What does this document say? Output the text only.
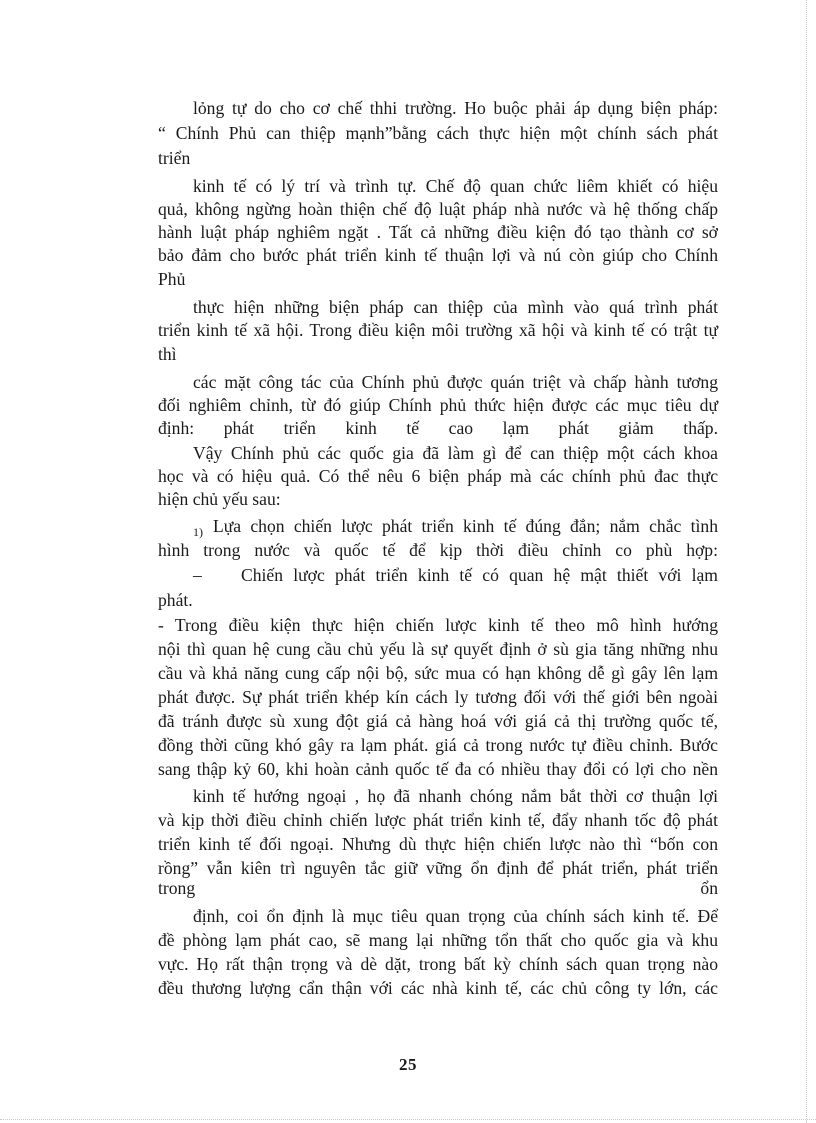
lỏng tự do cho cơ chế thhi trường. Ho buộc phải áp dụng biện pháp:
“ Chính Phủ can thiệp mạnh”bằng cách thực hiện một chính sách phát
triển
kinh tế có lý trí và trình tự. Chế độ quan chức liêm khiết có hiệu
quả, không ngừng hoàn thiện chế độ luật pháp nhà nước và hệ thống chấp
hành luật pháp nghiêm ngặt . Tất cả những điều kiện đó tạo thành cơ sở
bảo đảm cho bước phát triển kinh tế thuận lợi và nú còn giúp cho Chính
Phủ
thực hiện những biện pháp can thiệp của mình vào quá trình phát
triển kinh tế xã hội. Trong điều kiện môi trường xã hội và kinh tế có trật tự
thì
các mặt công tác của Chính phủ được quán triệt và chấp hành tương
đối nghiêm chỉnh, từ đó giúp Chính phủ thức hiện được các mục tiêu dự
định: phát triển kinh tế cao lạm phát giảm thấp.
Vậy Chính phủ các quốc gia đã làm gì để can thiệp một cách khoa
học và có hiệu quả. Có thể nêu 6 biện pháp mà các chính phủ đac thực
hiện chủ yếu sau:
1) Lựa chọn chiến lược phát triển kinh tế đúng đắn; nắm chắc tình
hình trong nước và quốc tế để kịp thời điều chỉnh co phù hợp:
–	Chiến lược phát triển kinh tế có quan hệ mật thiết với lạm
phát.
- Trong điều kiện thực hiện chiến lược kinh tế theo mô hình hướng
nội thì quan hệ cung cầu chủ yếu là sự quyết định ở sù gia tăng những nhu
cầu và khả năng cung cấp nội bộ, sức mua có hạn không dễ gì gây lên lạm
phát được. Sự phát triển khép kín cách ly tương đối với thế giới bên ngoài
đã tránh được sù xung đột giá cả hàng hoá với giá cả thị trường quốc tế,
đồng thời cũng khó gây ra lạm phát. giá cả trong nước tự điều chỉnh. Bước
sang thập kỷ 60, khi hoàn cảnh quốc tế đa có nhiều thay đổi có lợi cho nền
kinh tế hướng ngoại , họ đã nhanh chóng nắm bắt thời cơ thuận lợi
và kịp thời điều chỉnh chiến lược phát triển kinh tế, đẩy nhanh tốc độ phát
triển kinh tế đối ngoại. Nhưng dù thực hiện chiến lược nào thì “bốn con
rồng” vẫn kiên trì nguyên tắc giữ vững ổn định để phát triển, phát triển
trong	ổn
định, coi ổn định là mục tiêu quan trọng của chính sách kinh tế. Để
đề phòng lạm phát cao, sẽ mang lại những tổn thất cho quốc gia và khu
vực. Họ rất thận trọng và dè dặt, trong bất kỳ chính sách quan trọng nào
đều thương lượng cẩn thận với các nhà kinh tế, các chủ công ty lớn, các
25
